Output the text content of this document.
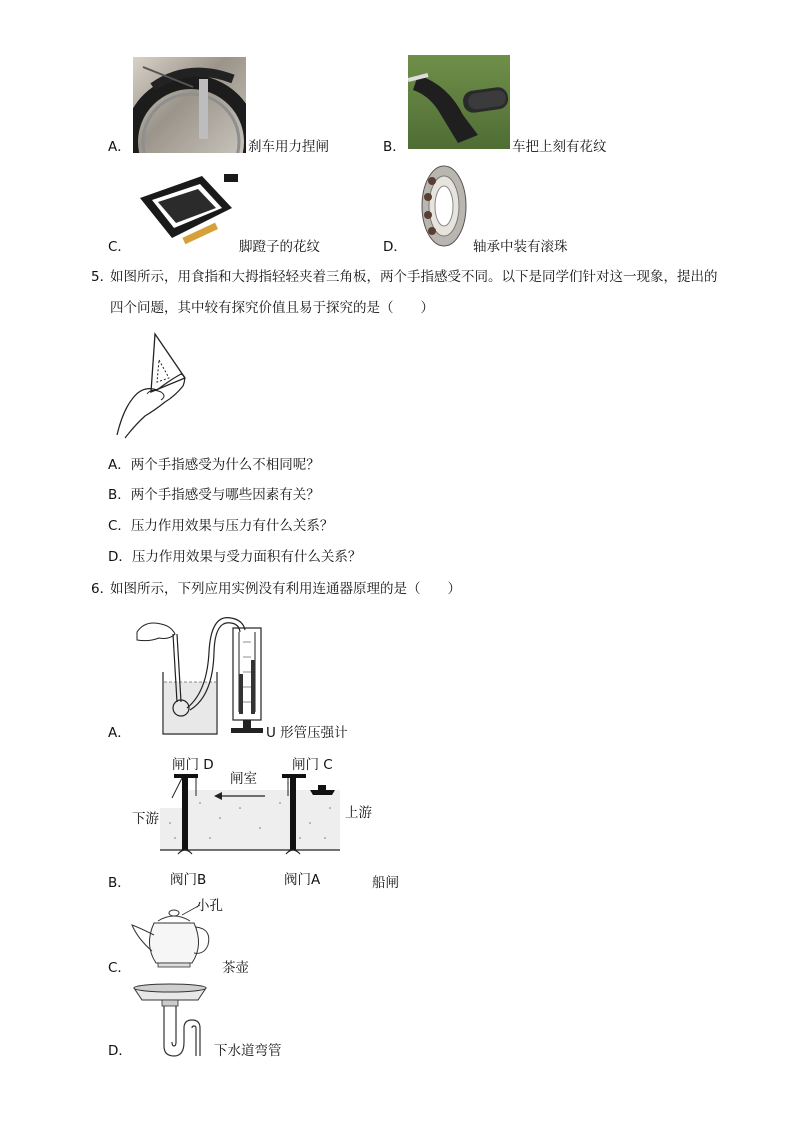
A．	刹车用力捏闸	B．	车把上刻有花纹
C．	脚蹬子的花纹	D．	轴承中装有滚珠
5．
如图所示，用食指和大拇指轻轻夹着三角板，两个手指感受不同。以下是同学们针对这一现象，提出的
四个问题，其中较有探究价值且易于探究的是（　　）
A．两个手指感受为什么不相同呢？
B．两个手指感受与哪些因素有关？
C．压力作用效果与压力有什么关系？
D．压力作用效果与受力面积有什么关系？
6．
如图所示，下列应用实例没有利用连通器原理的是（　　）
A．	U 形管压强计
闸门 D	闸门 C
闸室
下游	上游
阀门B	阀门A
B．	船闸
小孔
C．	茶壶
D．	下水道弯管
